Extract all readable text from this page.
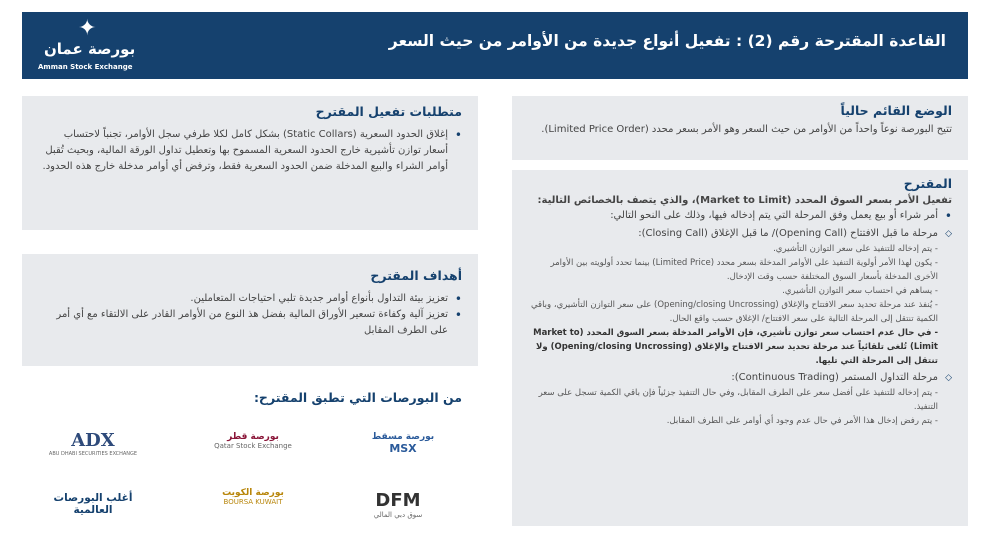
القاعدة المقترحة رقم (2) : تفعيل أنواع جديدة من الأوامر من حيث السعر
✦
بورصة عمان
Amman Stock Exchange
الوضع القائم حالياً
تتيح البورصة نوعاً واحداً من الأوامر من حيث السعر وهو الأمر بسعر محدد (Limited Price Order).
المقترح
تفعيل الأمر بسعر السوق المحدد (Market to Limit)، والذي يتصف بالخصائص التالية:
• أمر شراء أو بيع يعمل وفق المرحلة التي يتم إدخاله فيها، وذلك على النحو التالي:
◇ مرحلة ما قبل الافتتاح (Opening Call)/ ما قبل الإغلاق (Closing Call):
- يتم إدخاله للتنفيذ على سعر التوازن التأشيري.
- يكون لهذا الأمر أولوية التنفيذ على الأوامر المدخلة بسعر محدد (Limited Price) بينما تحدد أولويته بين الأوامر الأخرى المدخلة بأسعار السوق المختلفة حسب وقت الإدخال.
- يساهم في احتساب سعر التوازن التأشيري.
- يُنفذ عند مرحلة تحديد سعر الافتتاح والإغلاق (Opening/closing Uncrossing) على سعر التوازن التأشيري، وباقي الكمية تنتقل إلى المرحلة التالية على سعر الافتتاح/ الإغلاق حسب واقع الحال.
- في حال عدم احتساب سعر توازن تأشيري، فإن الأوامر المدخلة بسعر السوق المحدد (Market to Limit) تُلغى تلقائياً عند مرحلة تحديد سعر الافتتاح والإغلاق (Opening/closing Uncrossing) ولا تنتقل إلى المرحلة التي تليها.
◇ مرحلة التداول المستمر (Continuous Trading):
- يتم إدخاله للتنفيذ على أفضل سعر على الطرف المقابل، وفي حال التنفيذ جزئياً فإن باقي الكمية تسجل على سعر التنفيذ.
- يتم رفض إدخال هذا الأمر في حال عدم وجود أي أوامر على الطرف المقابل.
متطلبات تفعيل المقترح
• إغلاق الحدود السعرية (Static Collars) بشكل كامل لكلا طرفي سجل الأوامر، تجنباً لاحتساب أسعار توازن تأشيرية خارج الحدود السعرية المسموح بها وتعطيل تداول الورقة المالية، وبحيث تُقبل أوامر الشراء والبيع المدخلة ضمن الحدود السعرية فقط، وترفض أي أوامر مدخلة خارج هذه الحدود.
أهداف المقترح
• تعزيز بيئة التداول بأنواع أوامر جديدة تلبي احتياجات المتعاملين.
• تعزيز آلية وكفاءة تسعير الأوراق المالية بفضل هذ النوع من الأوامر القادر على الالتقاء مع أي أمر على الطرف المقابل
من البورصات التي تطبق المقترح:
بورصة مسقط
MSX
بورصة قطر
Qatar Stock Exchange
ADX
ABU DHABI SECURITIES EXCHANGE
DFM
سوق دبي المالي
بورصة الكويت
BOURSA KUWAIT
أغلب البورصات العالمية
